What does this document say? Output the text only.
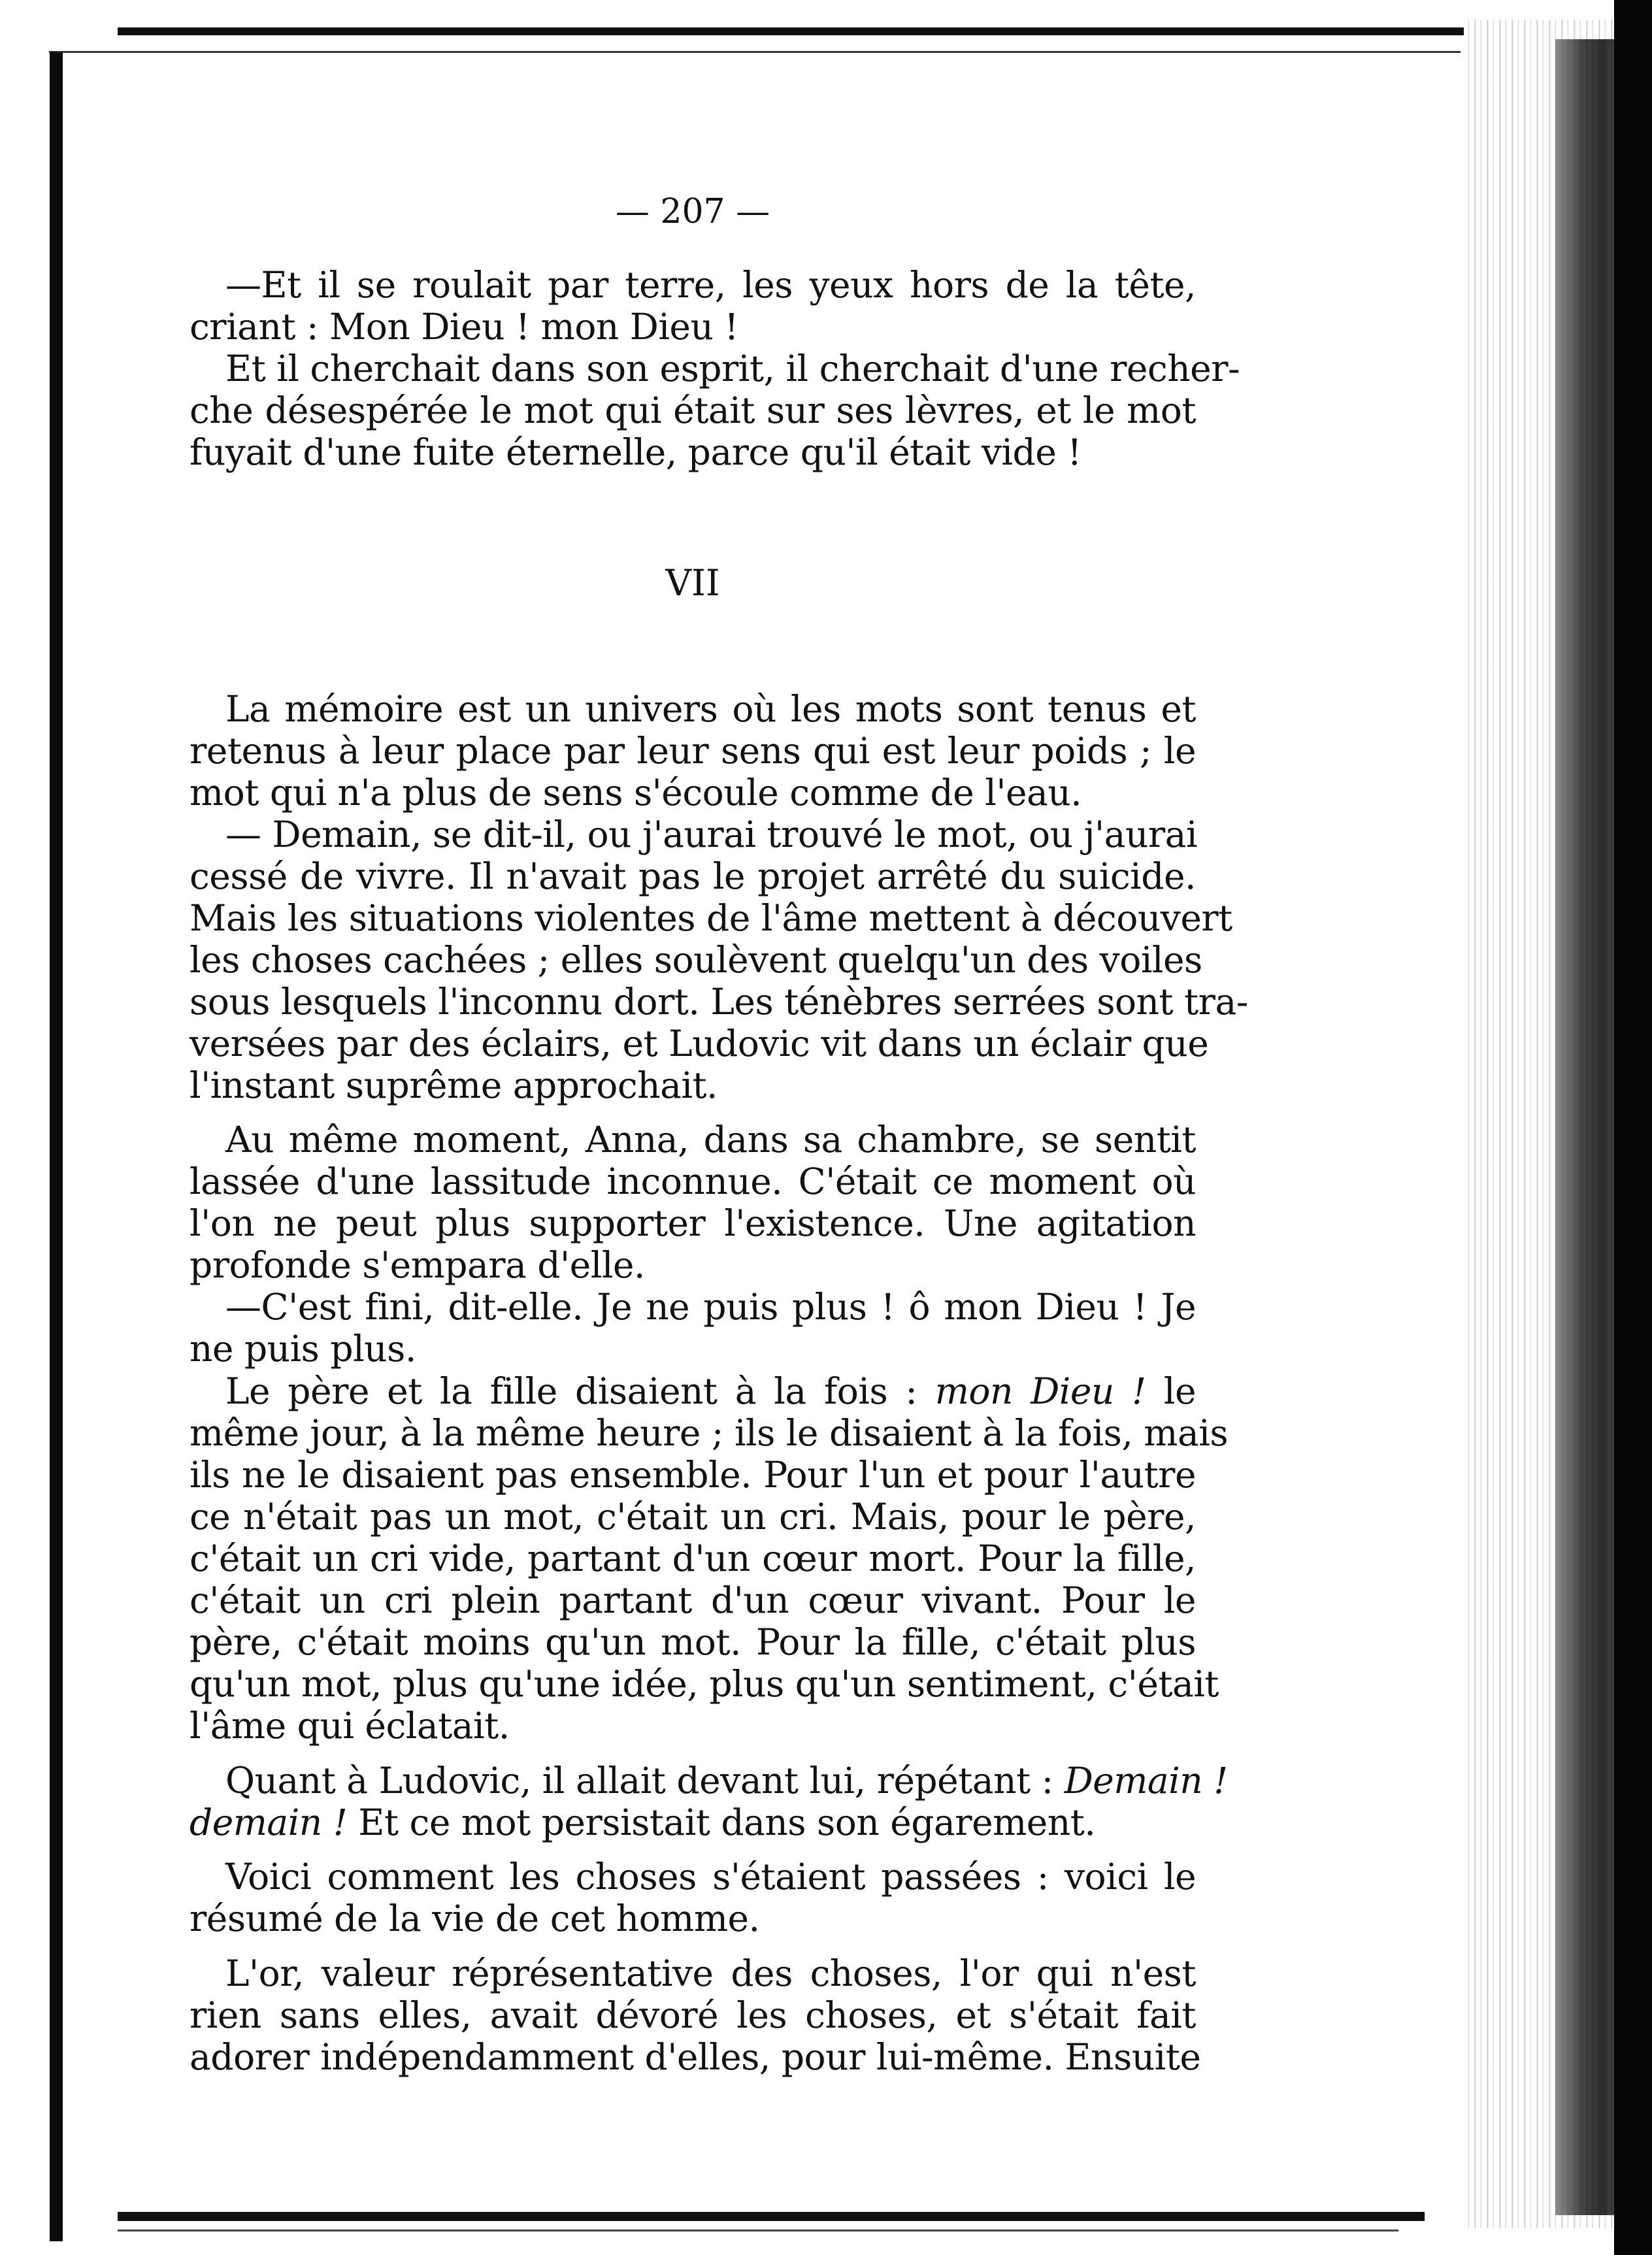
— 207 —
—Et il se roulait par terre, les yeux hors de la tête,
criant : Mon Dieu ! mon Dieu !
Et il cherchait dans son esprit, il cherchait d'une recher-
che désespérée le mot qui était sur ses lèvres, et le mot
fuyait d'une fuite éternelle, parce qu'il était vide !
VII
La mémoire est un univers où les mots sont tenus et
retenus à leur place par leur sens qui est leur poids ; le
mot qui n'a plus de sens s'écoule comme de l'eau.
— Demain, se dit-il, ou j'aurai trouvé le mot, ou j'aurai
cessé de vivre. Il n'avait pas le projet arrêté du suicide.
Mais les situations violentes de l'âme mettent à découvert
les choses cachées ; elles soulèvent quelqu'un des voiles
sous lesquels l'inconnu dort. Les ténèbres serrées sont tra-
versées par des éclairs, et Ludovic vit dans un éclair que
l'instant suprême approchait.
Au même moment, Anna, dans sa chambre, se sentit
lassée d'une lassitude inconnue. C'était ce moment où
l'on ne peut plus supporter l'existence. Une agitation
profonde s'empara d'elle.
—C'est fini, dit-elle. Je ne puis plus ! ô mon Dieu ! Je
ne puis plus.
Le père et la fille disaient à la fois : mon Dieu ! le
même jour, à la même heure ; ils le disaient à la fois, mais
ils ne le disaient pas ensemble. Pour l'un et pour l'autre
ce n'était pas un mot, c'était un cri. Mais, pour le père,
c'était un cri vide, partant d'un cœur mort. Pour la fille,
c'était un cri plein partant d'un cœur vivant. Pour le
père, c'était moins qu'un mot. Pour la fille, c'était plus
qu'un mot, plus qu'une idée, plus qu'un sentiment, c'était
l'âme qui éclatait.
Quant à Ludovic, il allait devant lui, répétant : Demain !
demain ! Et ce mot persistait dans son égarement.
Voici comment les choses s'étaient passées : voici le
résumé de la vie de cet homme.
L'or, valeur réprésentative des choses, l'or qui n'est
rien sans elles, avait dévoré les choses, et s'était fait
adorer indépendamment d'elles, pour lui-même. Ensuite
